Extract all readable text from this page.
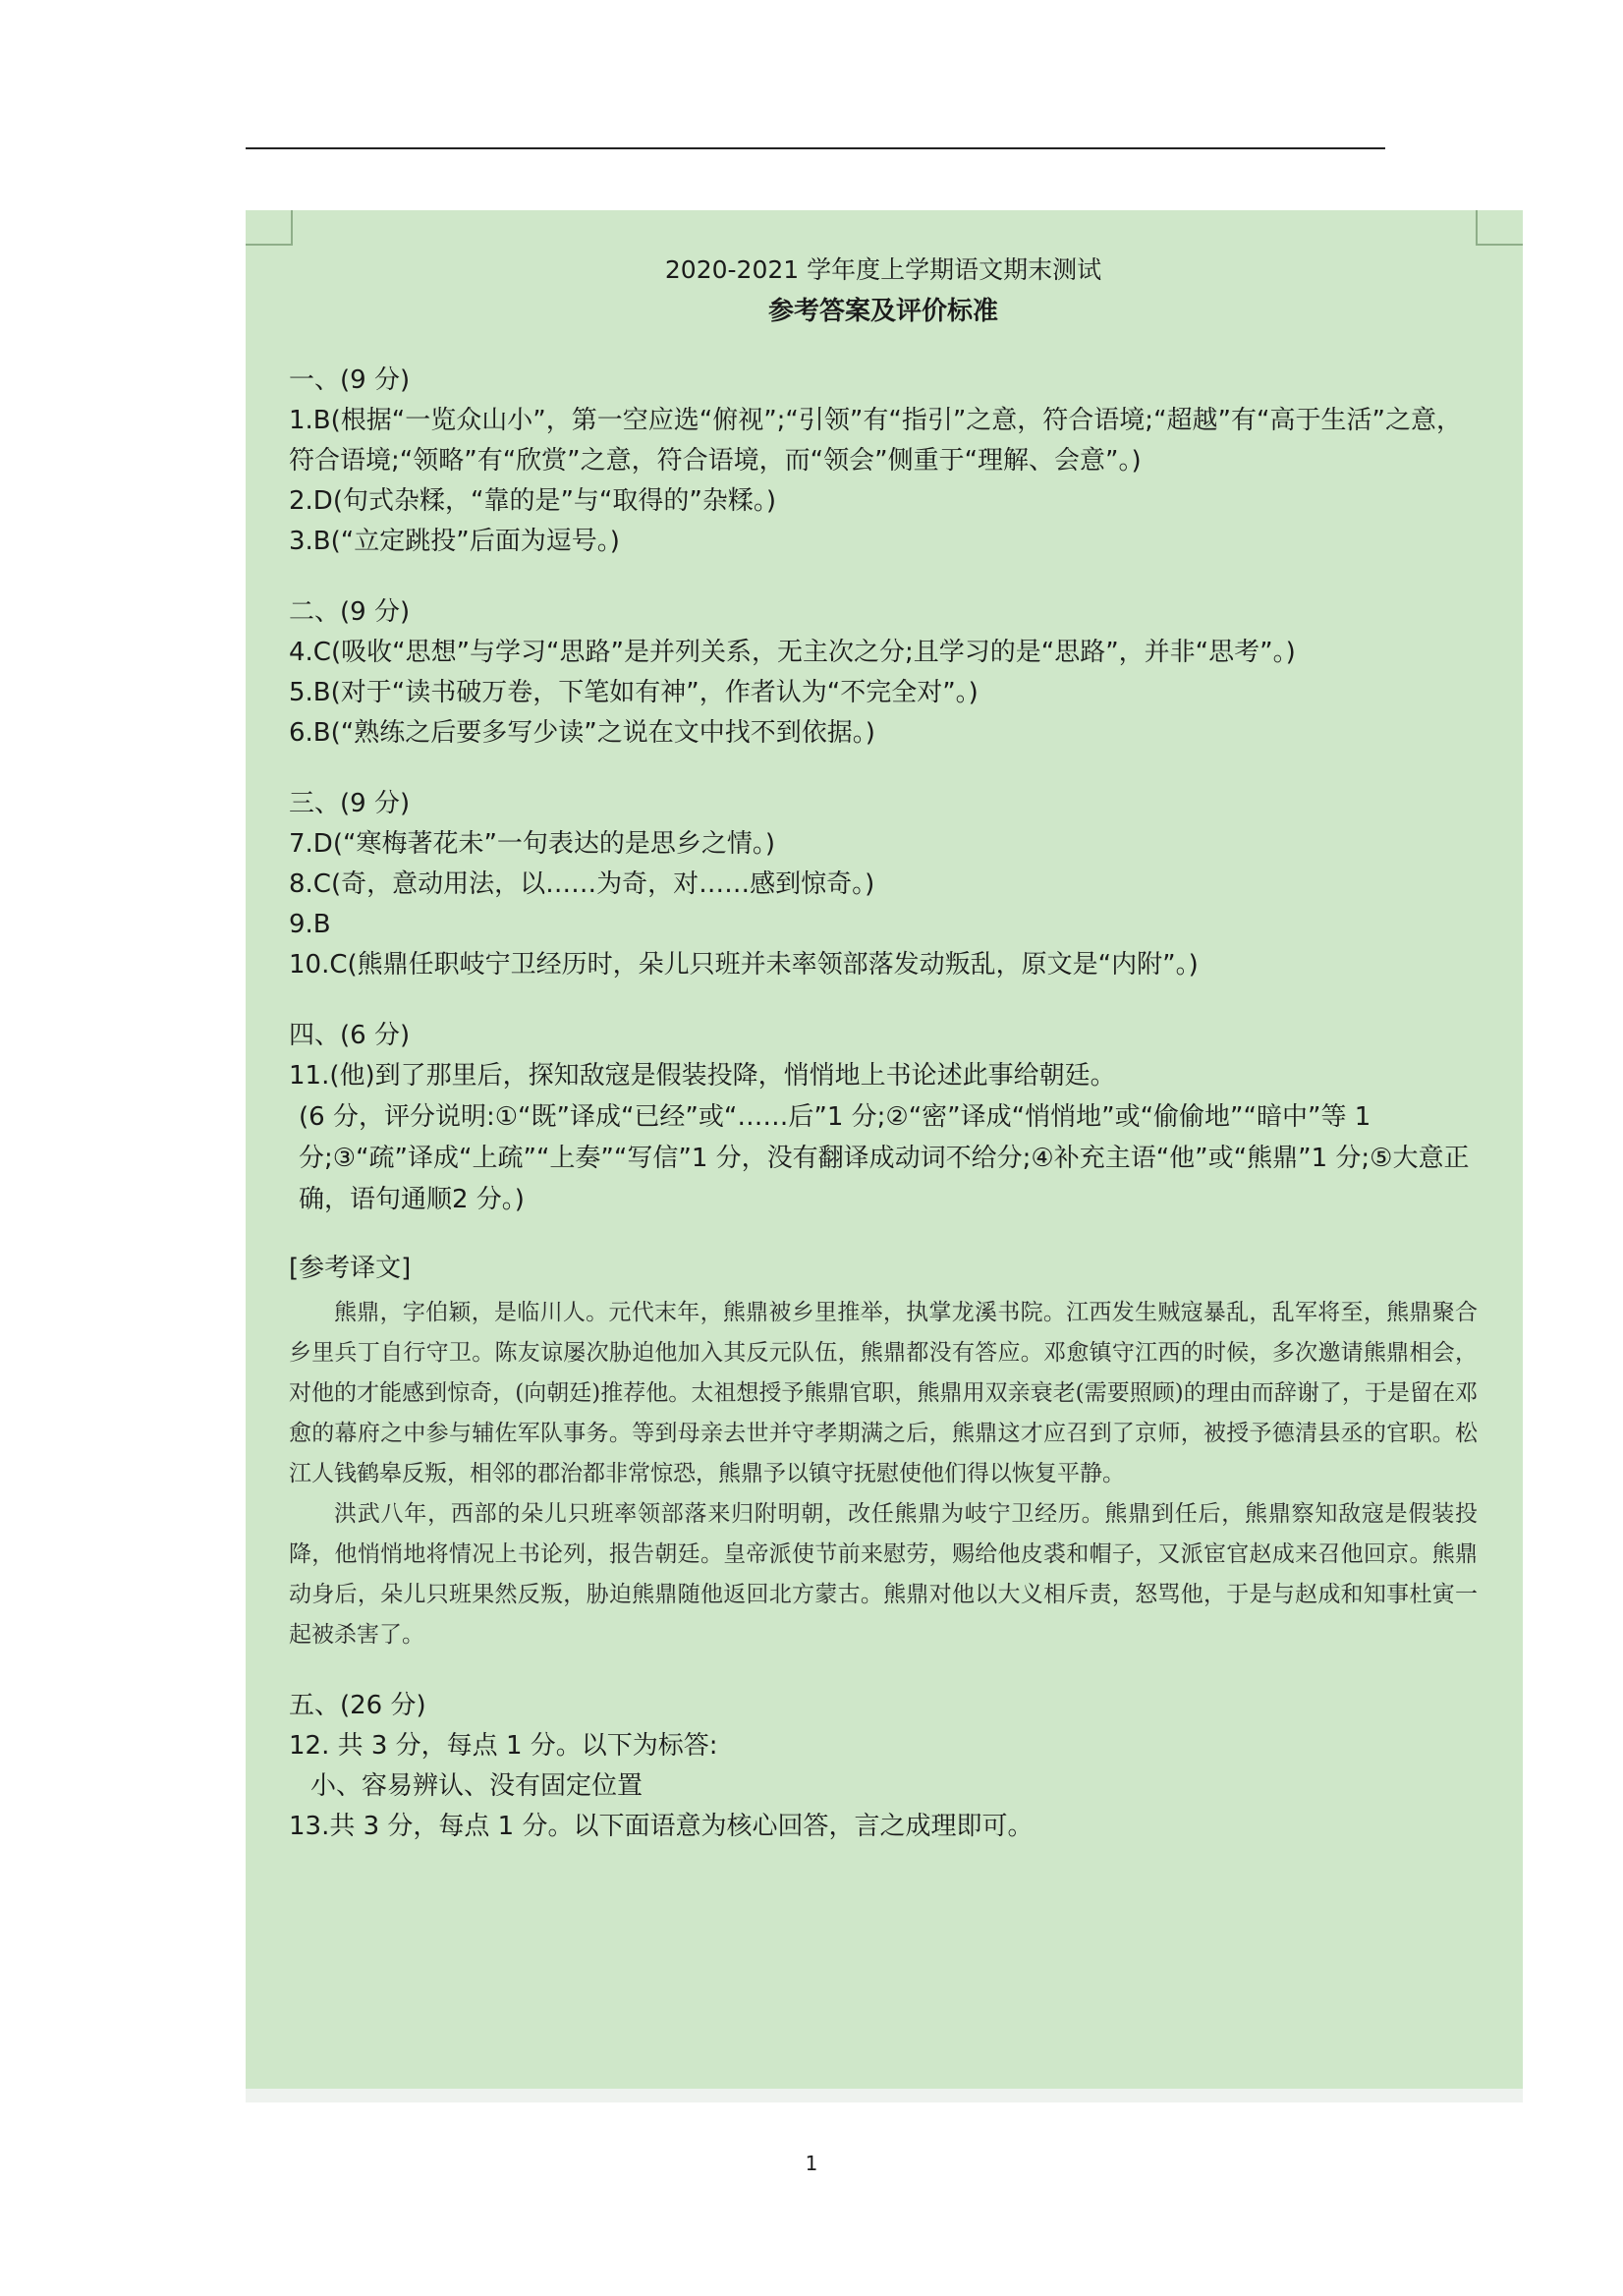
2020-2021 学年度上学期语文期末测试

参考答案及评价标准

一、(9 分)

1.B(根据“一览众山小”，第一空应选“俯视”;“引领”有“指引”之意，符合语境;“超越”有“高于生活”之意，符合语境;“领略”有“欣赏”之意，符合语境，而“领会”侧重于“理解、会意”。)

2.D(句式杂糅，“靠的是”与“取得的”杂糅。)

3.B(“立定跳投”后面为逗号。)

二、(9 分)

4.C(吸收“思想”与学习“思路”是并列关系，无主次之分;且学习的是“思路”，并非“思考”。)

5.B(对于“读书破万卷，下笔如有神”，作者认为“不完全对”。)

6.B(“熟练之后要多写少读”之说在文中找不到依据。)

三、(9 分)

7.D(“寒梅著花未”一句表达的是思乡之情。)

8.C(奇，意动用法，以……为奇，对……感到惊奇。)

9.B

10.C(熊鼎任职岐宁卫经历时，朵儿只班并未率领部落发动叛乱，原文是“内附”。)

四、(6 分)

11.(他)到了那里后，探知敌寇是假装投降，悄悄地上书论述此事给朝廷。

(6 分，评分说明:①“既”译成“已经”或“……后”1 分;②“密”译成“悄悄地”或“偷偷地”“暗中”等 1 分;③“疏”译成“上疏”“上奏”“写信”1 分，没有翻译成动词不给分;④补充主语“他”或“熊鼎”1 分;⑤大意正确，语句通顺2 分。)

[参考译文]

熊鼎，字伯颖，是临川人。元代末年，熊鼎被乡里推举，执掌龙溪书院。江西发生贼寇暴乱，乱军将至，熊鼎聚合乡里兵丁自行守卫。陈友谅屡次胁迫他加入其反元队伍，熊鼎都没有答应。邓愈镇守江西的时候，多次邀请熊鼎相会，对他的才能感到惊奇，(向朝廷)推荐他。太祖想授予熊鼎官职，熊鼎用双亲衰老(需要照顾)的理由而辞谢了，于是留在邓愈的幕府之中参与辅佐军队事务。等到母亲去世并守孝期满之后，熊鼎这才应召到了京师，被授予德清县丞的官职。松江人钱鹤皋反叛，相邻的郡治都非常惊恐，熊鼎予以镇守抚慰使他们得以恢复平静。

洪武八年，西部的朵儿只班率领部落来归附明朝，改任熊鼎为岐宁卫经历。熊鼎到任后，熊鼎察知敌寇是假装投降，他悄悄地将情况上书论列，报告朝廷。皇帝派使节前来慰劳，赐给他皮裘和帽子，又派宦官赵成来召他回京。熊鼎动身后，朵儿只班果然反叛，胁迫熊鼎随他返回北方蒙古。熊鼎对他以大义相斥责，怒骂他，于是与赵成和知事杜寅一起被杀害了。

五、(26 分)

12. 共 3 分，每点 1 分。以下为标答:

小、容易辨认、没有固定位置

13.共 3 分，每点 1 分。以下面语意为核心回答，言之成理即可。

1
